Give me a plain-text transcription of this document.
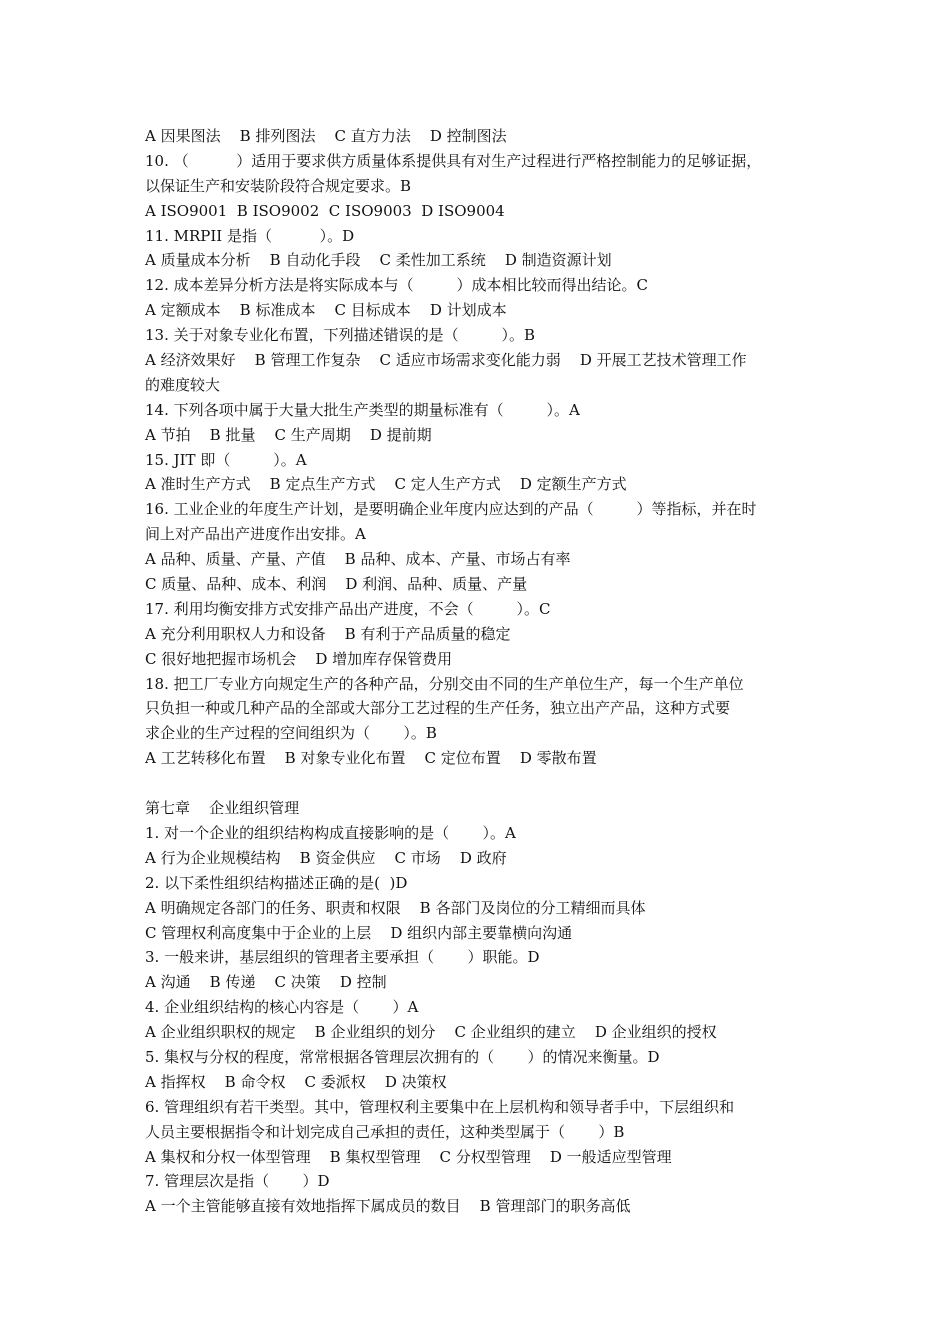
A 因果图法    B 排列图法    C 直方力法    D 控制图法
10. （          ）适用于要求供方质量体系提供具有对生产过程进行严格控制能力的足够证据，
以保证生产和安装阶段符合规定要求。B
A ISO9001  B ISO9002  C ISO9003  D ISO9004
11. MRPII 是指（          ）。D
A 质量成本分析    B 自动化手段    C 柔性加工系统    D 制造资源计划
12. 成本差异分析方法是将实际成本与（         ）成本相比较而得出结论。C
A 定额成本    B 标准成本    C 目标成本    D 计划成本
13. 关于对象专业化布置，下列描述错误的是（         ）。B
A 经济效果好    B 管理工作复杂    C 适应市场需求变化能力弱    D 开展工艺技术管理工作
的难度较大
14. 下列各项中属于大量大批生产类型的期量标准有（         ）。A
A 节拍    B 批量    C 生产周期    D 提前期
15. JIT 即（         ）。A
A 准时生产方式    B 定点生产方式    C 定人生产方式    D 定额生产方式
16. 工业企业的年度生产计划，是要明确企业年度内应达到的产品（         ）等指标，并在时
间上对产品出产进度作出安排。A
A 品种、质量、产量、产值    B 品种、成本、产量、市场占有率
C 质量、品种、成本、利润    D 利润、品种、质量、产量
17. 利用均衡安排方式安排产品出产进度，不会（         ）。C
A 充分利用职权人力和设备    B 有利于产品质量的稳定
C 很好地把握市场机会    D 增加库存保管费用
18. 把工厂专业方向规定生产的各种产品，分别交由不同的生产单位生产，每一个生产单位
只负担一种或几种产品的全部或大部分工艺过程的生产任务，独立出产产品，这种方式要
求企业的生产过程的空间组织为（       ）。B
A 工艺转移化布置    B 对象专业化布置    C 定位布置    D 零散布置
第七章    企业组织管理
1. 对一个企业的组织结构构成直接影响的是（       ）。A
A 行为企业规模结构    B 资金供应    C 市场    D 政府
2. 以下柔性组织结构描述正确的是(  )D
A 明确规定各部门的任务、职责和权限    B 各部门及岗位的分工精细而具体
C 管理权利高度集中于企业的上层    D 组织内部主要靠横向沟通
3. 一般来讲，基层组织的管理者主要承担（       ）职能。D
A 沟通    B 传递    C 决策    D 控制
4. 企业组织结构的核心内容是（       ）A
A 企业组织职权的规定    B 企业组织的划分    C 企业组织的建立    D 企业组织的授权
5. 集权与分权的程度，常常根据各管理层次拥有的（       ）的情况来衡量。D
A 指挥权    B 命令权    C 委派权    D 决策权
6. 管理组织有若干类型。其中，管理权利主要集中在上层机构和领导者手中，下层组织和
人员主要根据指令和计划完成自己承担的责任，这种类型属于（       ）B
A 集权和分权一体型管理    B 集权型管理    C 分权型管理    D 一般适应型管理
7. 管理层次是指（       ）D
A 一个主管能够直接有效地指挥下属成员的数目    B 管理部门的职务高低
